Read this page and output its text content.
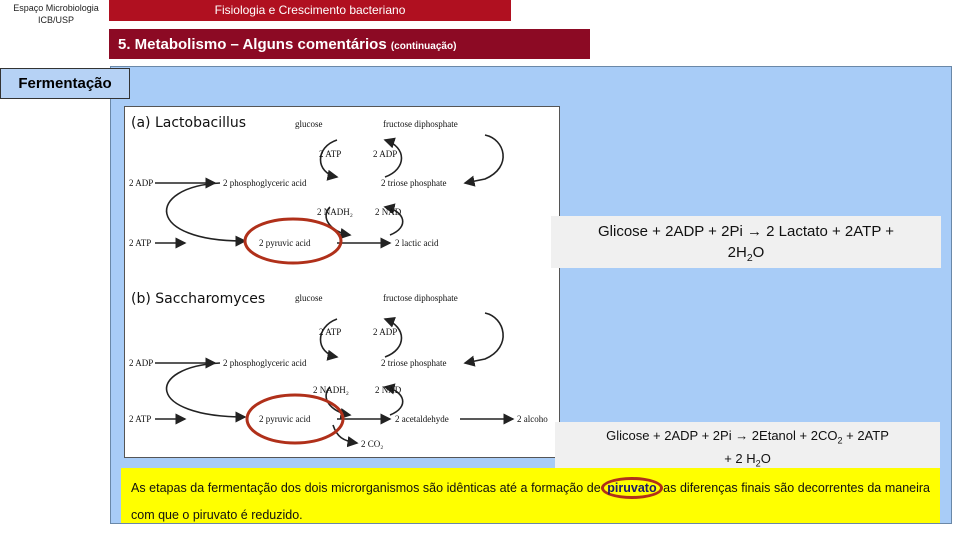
Espaço Microbiologia
ICB/USP
Fisiologia e Crescimento bacteriano
5. Metabolismo – Alguns comentários (continuação)
Fermentação
(a) Lactobacillus	glucose	fructose diphosphate
2 ATP	2 ADP
2 ADP	2 phosphoglyceric acid	2 triose phosphate
2 NADH₂ 2 NAD
2 ATP	2 pyruvic acid	2 lactic acid
(b) Saccharomyces	glucose	fructose diphosphate
2 ATP	2 ADP
2 ADP	2 phosphoglyceric acid	2 triose phosphate
2 NADH₂	2 NAD
2 ATP	2 pyruvic acid	2 acetaldehyde	2 alcoho
2 CO₂
Glicose + 2ADP + 2Pi → 2 Lactato + 2ATP +
$2H_2O$
Glicose + 2ADP + 2Pi → 2Etanol + $2CO_2 + 2ATP$
+ 2 $H_2O$
As etapas da fermentação dos dois microrganismos são idênticas até a formação de piruvato as diferenças finais são decorrentes da maneira com que o piruvato é reduzido.
